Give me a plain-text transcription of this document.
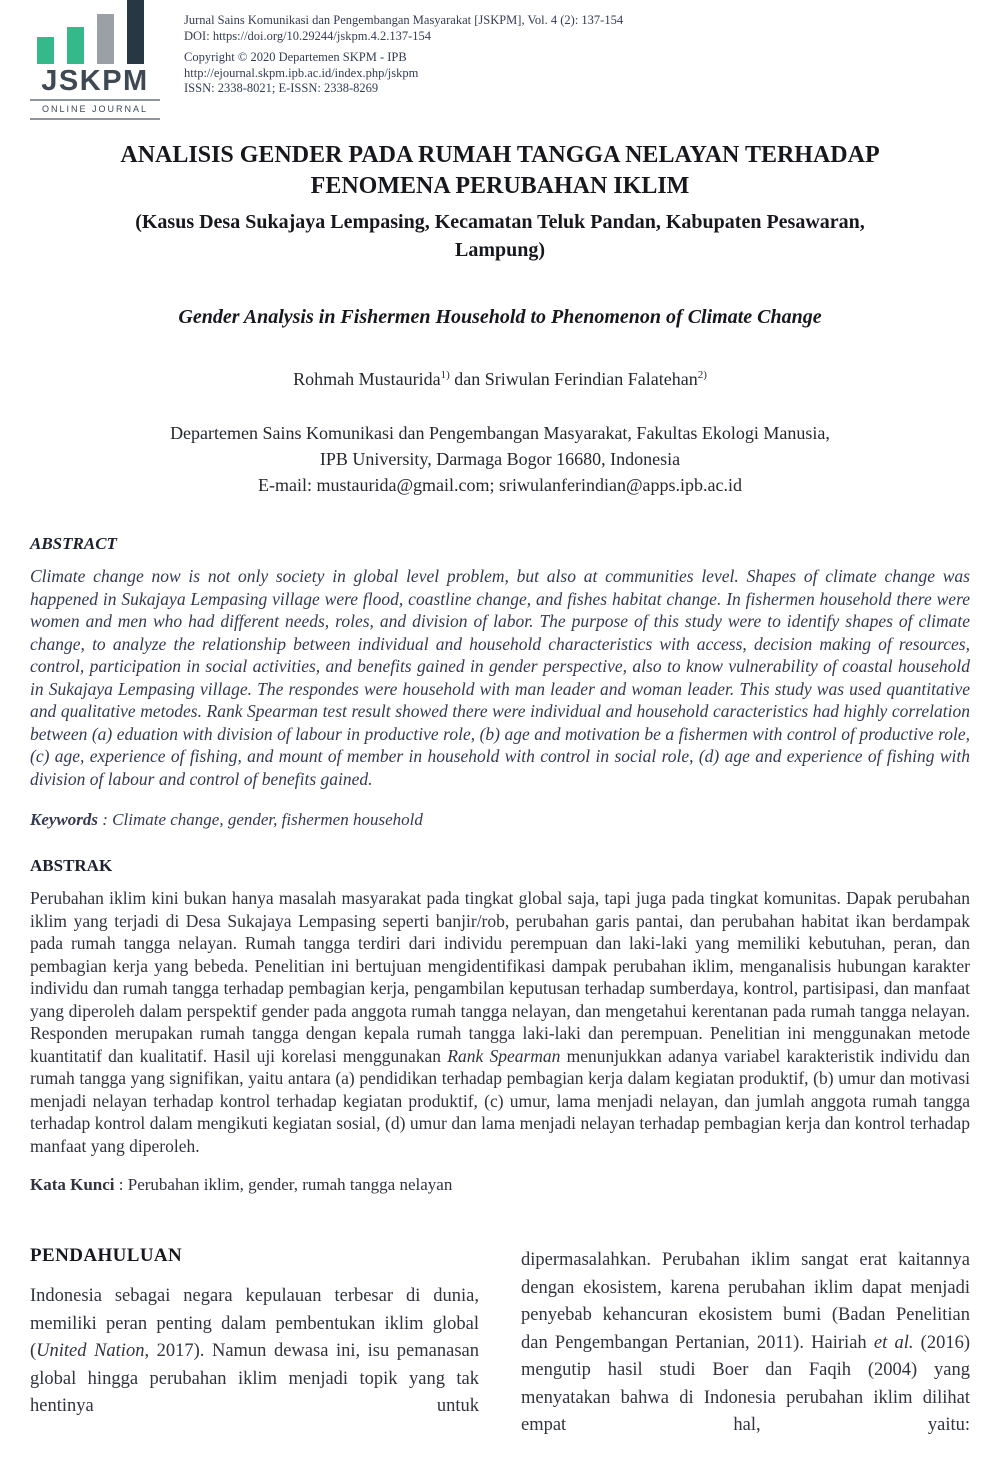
JSKPM
ONLINE JOURNAL
Jurnal Sains Komunikasi dan Pengembangan Masyarakat [JSKPM], Vol. 4 (2): 137-154
DOI: https://doi.org/10.29244/jskpm.4.2.137-154
Copyright © 2020 Departemen SKPM - IPB
http://ejournal.skpm.ipb.ac.id/index.php/jskpm
ISSN: 2338-8021; E-ISSN: 2338-8269
ANALISIS GENDER PADA RUMAH TANGGA NELAYAN TERHADAP
FENOMENA PERUBAHAN IKLIM
(Kasus Desa Sukajaya Lempasing, Kecamatan Teluk Pandan, Kabupaten Pesawaran,
Lampung)
Gender Analysis in Fishermen Household to Phenomenon of Climate Change
Rohmah Mustaurida$^{1)}$ dan Sriwulan Ferindian Falatehan$^{2)}$
Departemen Sains Komunikasi dan Pengembangan Masyarakat, Fakultas Ekologi Manusia,
IPB University, Darmaga Bogor 16680, Indonesia
E-mail: mustaurida@gmail.com; sriwulanferindian@apps.ipb.ac.id
ABSTRACT
Climate change now is not only society in global level problem, but also at communities level. Shapes of climate change was happened in Sukajaya Lempasing village were flood, coastline change, and fishes habitat change. In fishermen household there were women and men who had different needs, roles, and division of labor. The purpose of this study were to identify shapes of climate change, to analyze the relationship between individual and household characteristics with access, decision making of resources, control, participation in social activities, and benefits gained in gender perspective, also to know vulnerability of coastal household in Sukajaya Lempasing village. The respondes were household with man leader and woman leader. This study was used quantitative and qualitative metodes. Rank Spearman test result showed there were individual and household caracteristics had highly correlation between (a) eduation with division of labour in productive role, (b) age and motivation be a fishermen with control of productive role, (c) age, experience of fishing, and mount of member in household with control in social role, (d) age and experience of fishing with division of labour and control of benefits gained.
Keywords : Climate change, gender, fishermen household
ABSTRAK
Perubahan iklim kini bukan hanya masalah masyarakat pada tingkat global saja, tapi juga pada tingkat komunitas. Dapak perubahan iklim yang terjadi di Desa Sukajaya Lempasing seperti banjir/rob, perubahan garis pantai, dan perubahan habitat ikan berdampak pada rumah tangga nelayan. Rumah tangga terdiri dari individu perempuan dan laki-laki yang memiliki kebutuhan, peran, dan pembagian kerja yang bebeda. Penelitian ini bertujuan mengidentifikasi dampak perubahan iklim, menganalisis hubungan karakter individu dan rumah tangga terhadap pembagian kerja, pengambilan keputusan terhadap sumberdaya, kontrol, partisipasi, dan manfaat yang diperoleh dalam perspektif gender pada anggota rumah tangga nelayan, dan mengetahui kerentanan pada rumah tangga nelayan. Responden merupakan rumah tangga dengan kepala rumah tangga laki-laki dan perempuan. Penelitian ini menggunakan metode kuantitatif dan kualitatif. Hasil uji korelasi menggunakan Rank Spearman menunjukkan adanya variabel karakteristik individu dan rumah tangga yang signifikan, yaitu antara (a) pendidikan terhadap pembagian kerja dalam kegiatan produktif, (b) umur dan motivasi menjadi nelayan terhadap kontrol terhadap kegiatan produktif, (c) umur, lama menjadi nelayan, dan jumlah anggota rumah tangga terhadap kontrol dalam mengikuti kegiatan sosial, (d) umur dan lama menjadi nelayan terhadap pembagian kerja dan kontrol terhadap manfaat yang diperoleh.
Kata Kunci : Perubahan iklim, gender, rumah tangga nelayan
PENDAHULUAN

Indonesia sebagai negara kepulauan terbesar di dunia, memiliki peran penting dalam pembentukan iklim global (United Nation, 2017). Namun dewasa ini, isu pemanasan global hingga perubahan iklim menjadi topik yang tak hentinya untuk

dipermasalahkan. Perubahan iklim sangat erat kaitannya dengan ekosistem, karena perubahan iklim dapat menjadi penyebab kehancuran ekosistem bumi (Badan Penelitian dan Pengembangan Pertanian, 2011). Hairiah et al. (2016) mengutip hasil studi Boer dan Faqih (2004) yang menyatakan bahwa di Indonesia perubahan iklim dilihat empat hal, yaitu:
